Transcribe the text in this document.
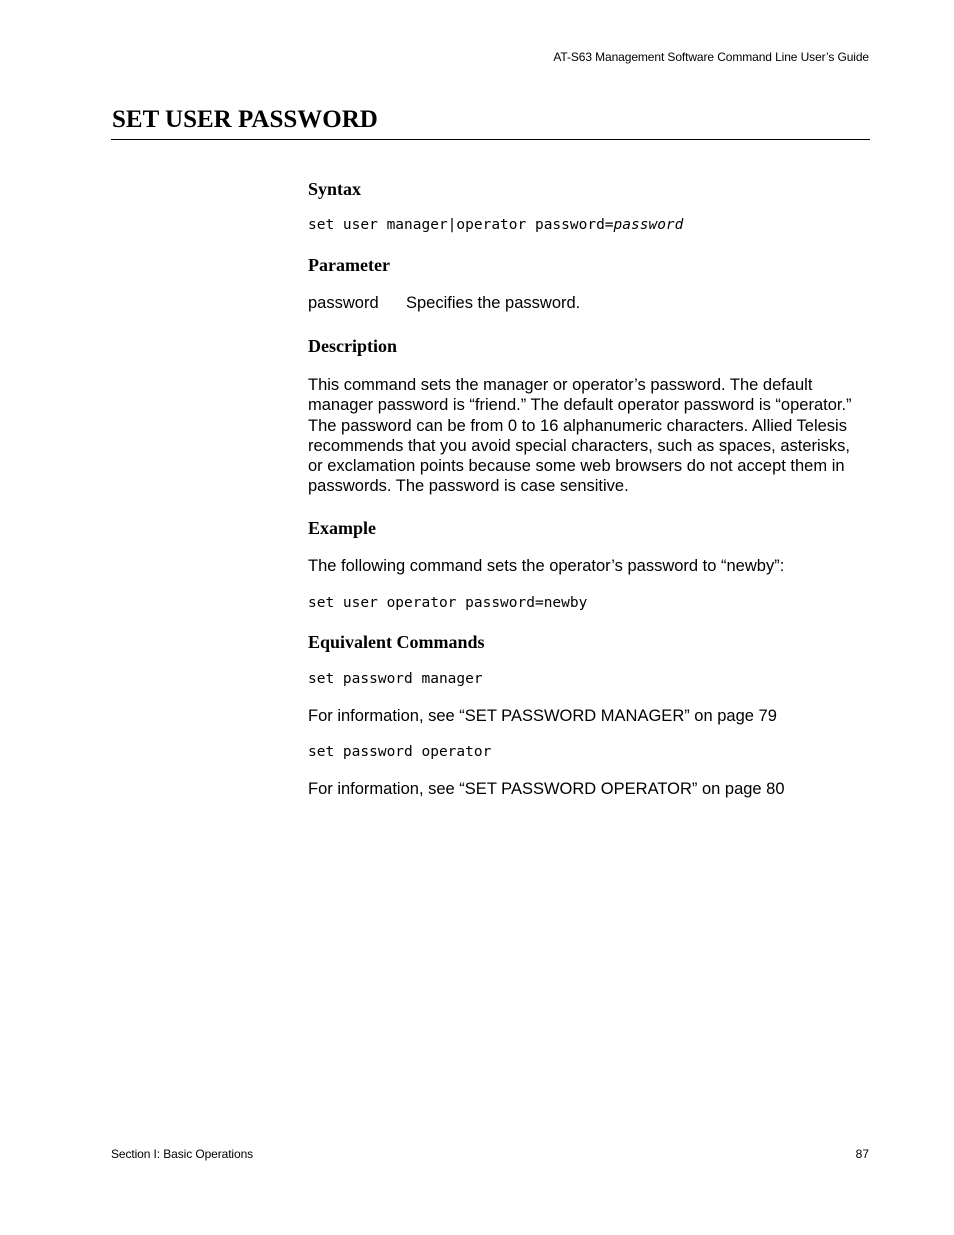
AT-S63 Management Software Command Line User’s Guide
SET USER PASSWORD
Syntax
set user manager|operator password=password
Parameter
password Specifies the password.
Description
This command sets the manager or operator’s password. The default
manager password is “friend.” The default operator password is “operator.”
The password can be from 0 to 16 alphanumeric characters. Allied Telesis
recommends that you avoid special characters, such as spaces, asterisks,
or exclamation points because some web browsers do not accept them in
passwords. The password is case sensitive.
Example
The following command sets the operator’s password to “newby”:
set user operator password=newby
Equivalent Commands
set password manager
For information, see “SET PASSWORD MANAGER” on page 79
set password operator
For information, see “SET PASSWORD OPERATOR” on page 80
Section I: Basic Operations	87
